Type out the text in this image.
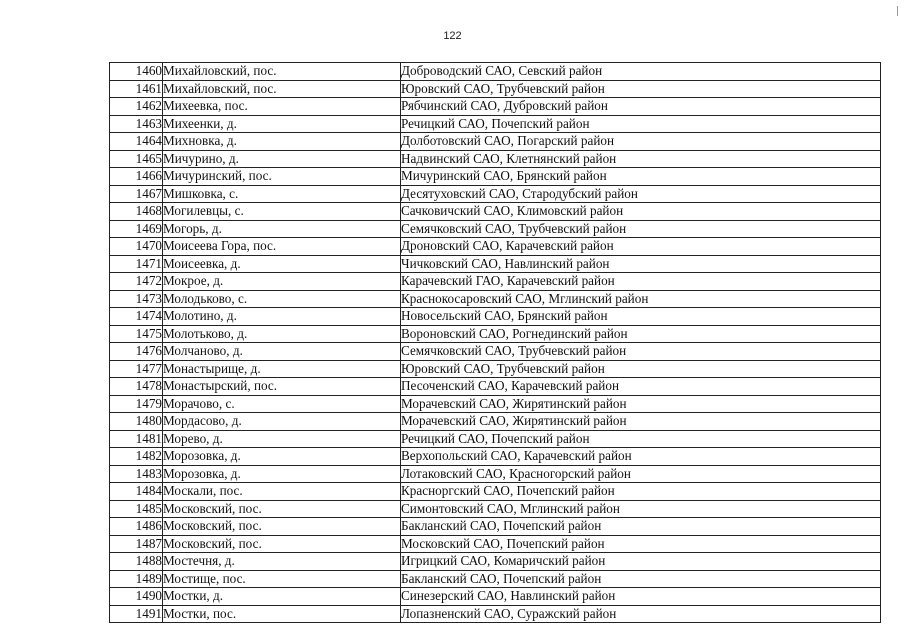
122
1460	Михайловский, пос.	Доброводский САО, Севский район
1461	Михайловский, пос.	Юровский САО, Трубчевский район
1462	Михеевка, пос.	Рябчинский САО, Дубровский район
1463	Михеенки, д.	Речицкий САО, Почепский район
1464	Михновка, д.	Долботовский САО, Погарский район
1465	Мичурино, д.	Надвинский САО, Клетнянский район
1466	Мичуринский, пос.	Мичуринский САО, Брянский район
1467	Мишковка, с.	Десятуховский САО, Стародубский район
1468	Могилевцы, с.	Сачковичский САО, Климовский район
1469	Могорь, д.	Семячковский САО, Трубчевский район
1470	Моисеева Гора, пос.	Дроновский САО, Карачевский район
1471	Моисеевка, д.	Чичковский САО, Навлинский район
1472	Мокрое, д.	Карачевский ГАО, Карачевский район
1473	Молодьково, с.	Краснокосаровский САО, Мглинский район
1474	Молотино, д.	Новосельский САО, Брянский район
1475	Молотьково, д.	Вороновский САО, Рогнединский район
1476	Молчаново, д.	Семячковский САО, Трубчевский район
1477	Монастырище, д.	Юровский САО, Трубчевский район
1478	Монастырский, пос.	Песоченский САО, Карачевский район
1479	Морачово, с.	Морачевский САО, Жирятинский район
1480	Мордасово, д.	Морачевский САО, Жирятинский район
1481	Морево, д.	Речицкий САО, Почепский район
1482	Морозовка, д.	Верхопольский САО, Карачевский район
1483	Морозовка, д.	Лотаковский САО, Красногорский район
1484	Москали, пос.	Красноргский САО, Почепский район
1485	Московский, пос.	Симонтовский САО, Мглинский район
1486	Московский, пос.	Бакланский САО, Почепский район
1487	Московский, пос.	Московский САО, Почепский район
1488	Мостечня, д.	Игрицкий САО, Комаричский район
1489	Мостище, пос.	Бакланский САО, Почепский район
1490	Мостки, д.	Синезерский САО, Навлинский район
1491	Мостки, пос.	Лопазненский САО, Суражский район
